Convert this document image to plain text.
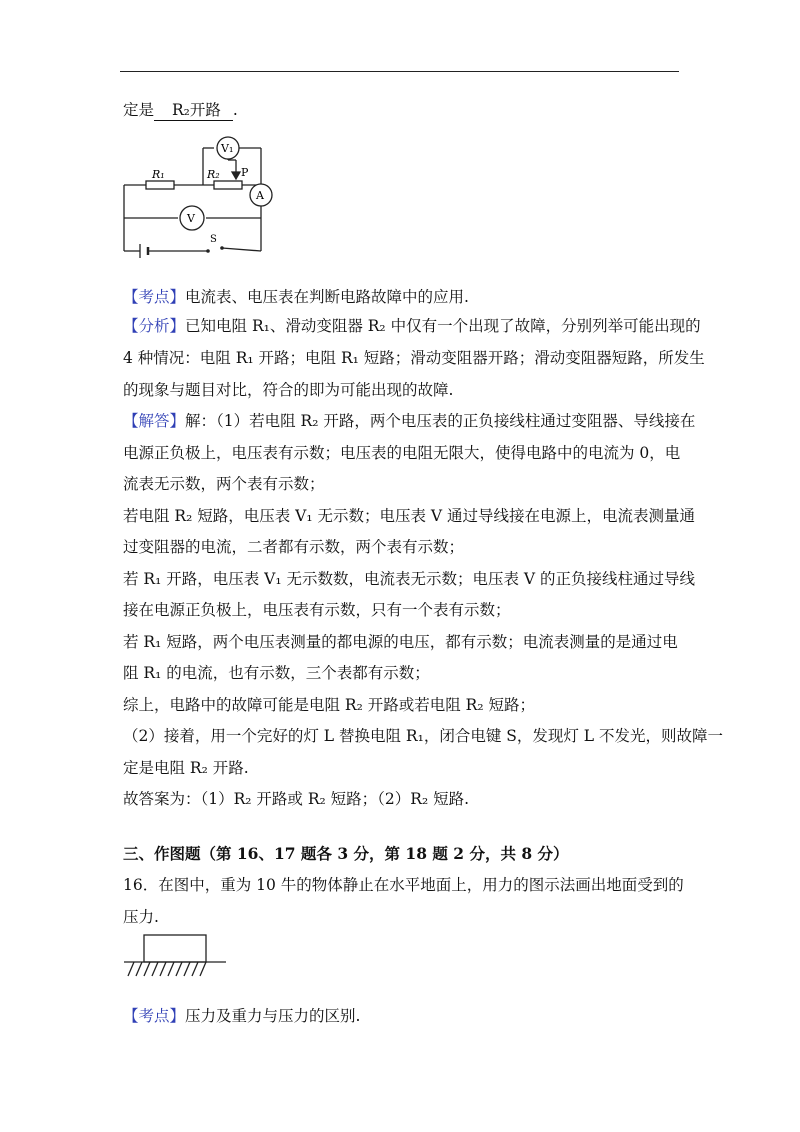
定是 R₂开路 .
V₁
R₁	R₂ P
A
V
S
【考点】电流表、电压表在判断电路故障中的应用.
【分析】已知电阻 R₁、滑动变阻器 R₂ 中仅有一个出现了故障，分别列举可能出现的
4 种情况：电阻 R₁ 开路；电阻 R₁ 短路；滑动变阻器开路；滑动变阻器短路，所发生
的现象与题目对比，符合的即为可能出现的故障.
【解答】解：（1）若电阻 R₂ 开路，两个电压表的正负接线柱通过变阻器、导线接在
电源正负极上，电压表有示数；电压表的电阻无限大，使得电路中的电流为 0，电
流表无示数，两个表有示数；
若电阻 R₂ 短路，电压表 V₁ 无示数；电压表 V 通过导线接在电源上，电流表测量通
过变阻器的电流，二者都有示数，两个表有示数；
若 R₁ 开路，电压表 V₁ 无示数数，电流表无示数；电压表 V 的正负接线柱通过导线
接在电源正负极上，电压表有示数，只有一个表有示数；
若 R₁ 短路，两个电压表测量的都电源的电压，都有示数；电流表测量的是通过电
阻 R₁ 的电流，也有示数，三个表都有示数；
综上，电路中的故障可能是电阻 R₂ 开路或若电阻 R₂ 短路；
（2）接着，用一个完好的灯 L 替换电阻 R₁，闭合电键 S，发现灯 L 不发光，则故障一
定是电阻 R₂ 开路.
故答案为：（1）R₂ 开路或 R₂ 短路；（2）R₂ 短路.
三、作图题（第 16、17 题各 3 分，第 18 题 2 分，共 8 分）
16．在图中，重为 10 牛的物体静止在水平地面上，用力的图示法画出地面受到的
压力.
【考点】压力及重力与压力的区别.
